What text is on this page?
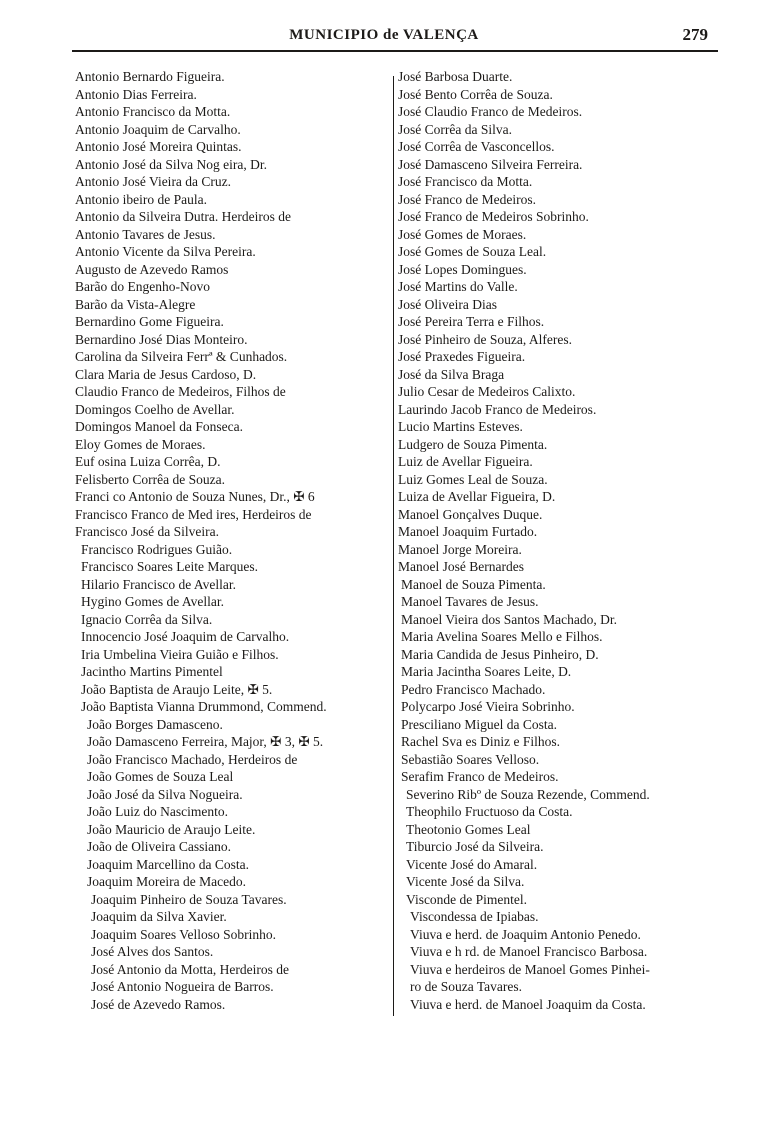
MUNICIPIO de VALENÇA	279
Antonio Bernardo Figueira.
Antonio Dias Ferreira.
Antonio Francisco da Motta.
Antonio Joaquim de Carvalho.
Antonio José Moreira Quintas.
Antonio José da Silva Nog eira, Dr.
Antonio José Vieira da Cruz.
Antonio ibeiro de Paula.
Antonio da Silveira Dutra. Herdeiros de
Antonio Tavares de Jesus.
Antonio Vicente da Silva Pereira.
Augusto de Azevedo Ramos
Barão do Engenho-Novo
Barão da Vista-Alegre
Bernardino Gome Figueira.
Bernardino José Dias Monteiro.
Carolina da Silveira Ferrª & Cunhados.
Clara Maria de Jesus Cardoso, D.
Claudio Franco de Medeiros, Filhos de
Domingos Coelho de Avellar.
Domingos Manoel da Fonseca.
Eloy Gomes de Moraes.
Euf osina Luiza Corrêa, D.
Felisberto Corrêa de Souza.
Franci co Antonio de Souza Nunes, Dr., ✠ 6
Francisco Franco de Med ires, Herdeiros de
Francisco José da Silveira.
Francisco Rodrigues Guião.
Francisco Soares Leite Marques.
Hilario Francisco de Avellar.
Hygino Gomes de Avellar.
Ignacio Corrêa da Silva.
Innocencio José Joaquim de Carvalho.
Iria Umbelina Vieira Guião e Filhos.
Jacintho Martins Pimentel
João Baptista de Araujo Leite, ✠ 5.
João Baptista Vianna Drummond, Commend.
João Borges Damasceno.
João Damasceno Ferreira, Major, ✠ 3, ✠ 5.
João Francisco Machado, Herdeiros de
João Gomes de Souza Leal
João José da Silva Nogueira.
João Luiz do Nascimento.
João Mauricio de Araujo Leite.
João de Oliveira Cassiano.
Joaquim Marcellino da Costa.
Joaquim Moreira de Macedo.
Joaquim Pinheiro de Souza Tavares.
Joaquim da Silva Xavier.
Joaquim Soares Velloso Sobrinho.
José Alves dos Santos.
José Antonio da Motta, Herdeiros de
José Antonio Nogueira de Barros.
José de Azevedo Ramos.
José Barbosa Duarte.
José Bento Corrêa de Souza.
José Claudio Franco de Medeiros.
José Corrêa da Silva.
José Corrêa de Vasconcellos.
José Damasceno Silveira Ferreira.
José Francisco da Motta.
José Franco de Medeiros.
José Franco de Medeiros Sobrinho.
José Gomes de Moraes.
José Gomes de Souza Leal.
José Lopes Domingues.
José Martins do Valle.
José Oliveira Dias
José Pereira Terra e Filhos.
José Pinheiro de Souza, Alferes.
José Praxedes Figueira.
José da Silva Braga
Julio Cesar de Medeiros Calixto.
Laurindo Jacob Franco de Medeiros.
Lucio Martins Esteves.
Ludgero de Souza Pimenta.
Luiz de Avellar Figueira.
Luiz Gomes Leal de Souza.
Luiza de Avellar Figueira, D.
Manoel Gonçalves Duque.
Manoel Joaquim Furtado.
Manoel Jorge Moreira.
Manoel José Bernardes
Manoel de Souza Pimenta.
Manoel Tavares de Jesus.
Manoel Vieira dos Santos Machado, Dr.
Maria Avelina Soares Mello e Filhos.
Maria Candida de Jesus Pinheiro, D.
Maria Jacintha Soares Leite, D.
Pedro Francisco Machado.
Polycarpo José Vieira Sobrinho.
Presciliano Miguel da Costa.
Rachel Sva es Diniz e Filhos.
Sebastião Soares Velloso.
Serafim Franco de Medeiros.
Severino Ribº de Souza Rezende, Commend.
Theophilo Fructuoso da Costa.
Theotonio Gomes Leal
Tiburcio José da Silveira.
Vicente José do Amaral.
Vicente José da Silva.
Visconde de Pimentel.
Viscondessa de Ipiabas.
Viuva e herd. de Joaquim Antonio Penedo.
Viuva e h rd. de Manoel Francisco Barbosa.
Viuva e herdeiros de Manoel Gomes Pinhei-
ro de Souza Tavares.
Viuva e herd. de Manoel Joaquim da Costa.
